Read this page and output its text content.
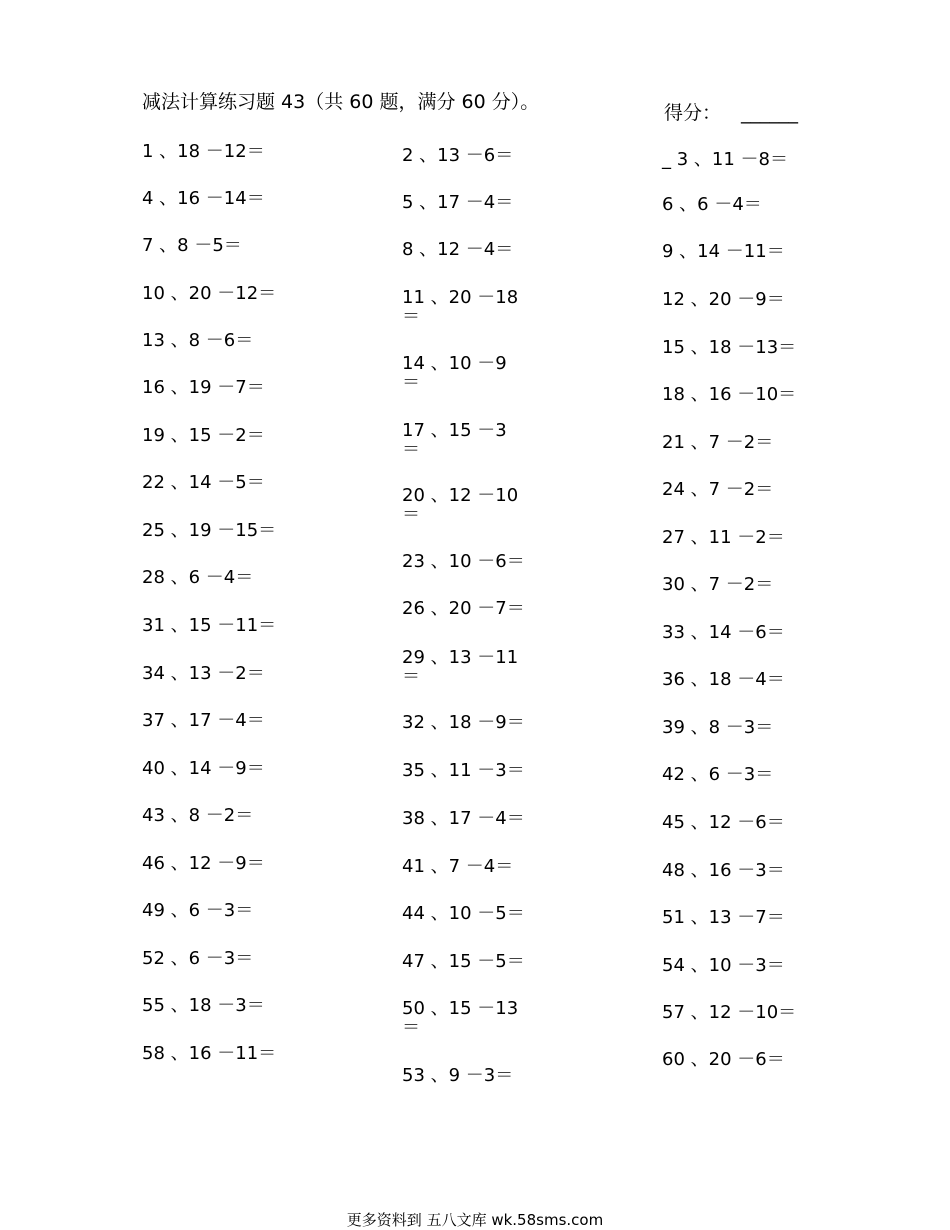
减法计算练习题 43（共 60 题，满分 60 分）。	得分： ______
1 、18 －12＝
4 、16 －14＝
7 、8 －5＝
10 、20 －12＝
13 、8 －6＝
16 、19 －7＝
19 、15 －2＝
22 、14 －5＝
25 、19 －15＝
28 、6 －4＝
31 、15 －11＝
34 、13 －2＝
37 、17 －4＝
40 、14 －9＝
43 、8 －2＝
46 、12 －9＝
49 、6 －3＝
52 、6 －3＝
55 、18 －3＝
58 、16 －11＝
2 、13 －6＝
5 、17 －4＝
8 、12 －4＝
11 、20 －18 ＝
14 、10 －9 ＝
17 、15 －3 ＝
20 、12 －10 ＝
23 、10 －6＝
26 、20 －7＝
29 、13 －11 ＝
32 、18 －9＝
35 、11 －3＝
38 、17 －4＝
41 、7 －4＝
44 、10 －5＝
47 、15 －5＝
50 、15 －13 ＝
53 、9 －3＝
_ 3 、11 －8＝
6 、6 －4＝
9 、14 －11＝
12 、20 －9＝
15 、18 －13＝
18 、16 －10＝
21 、7 －2＝
24 、7 －2＝
27 、11 －2＝
30 、7 －2＝
33 、14 －6＝
36 、18 －4＝
39 、8 －3＝
42 、6 －3＝
45 、12 －6＝
48 、16 －3＝
51 、13 －7＝
54 、10 －3＝
57 、12 －10＝
60 、20 －6＝
更多资料到 五八文库 wk.58sms.com
